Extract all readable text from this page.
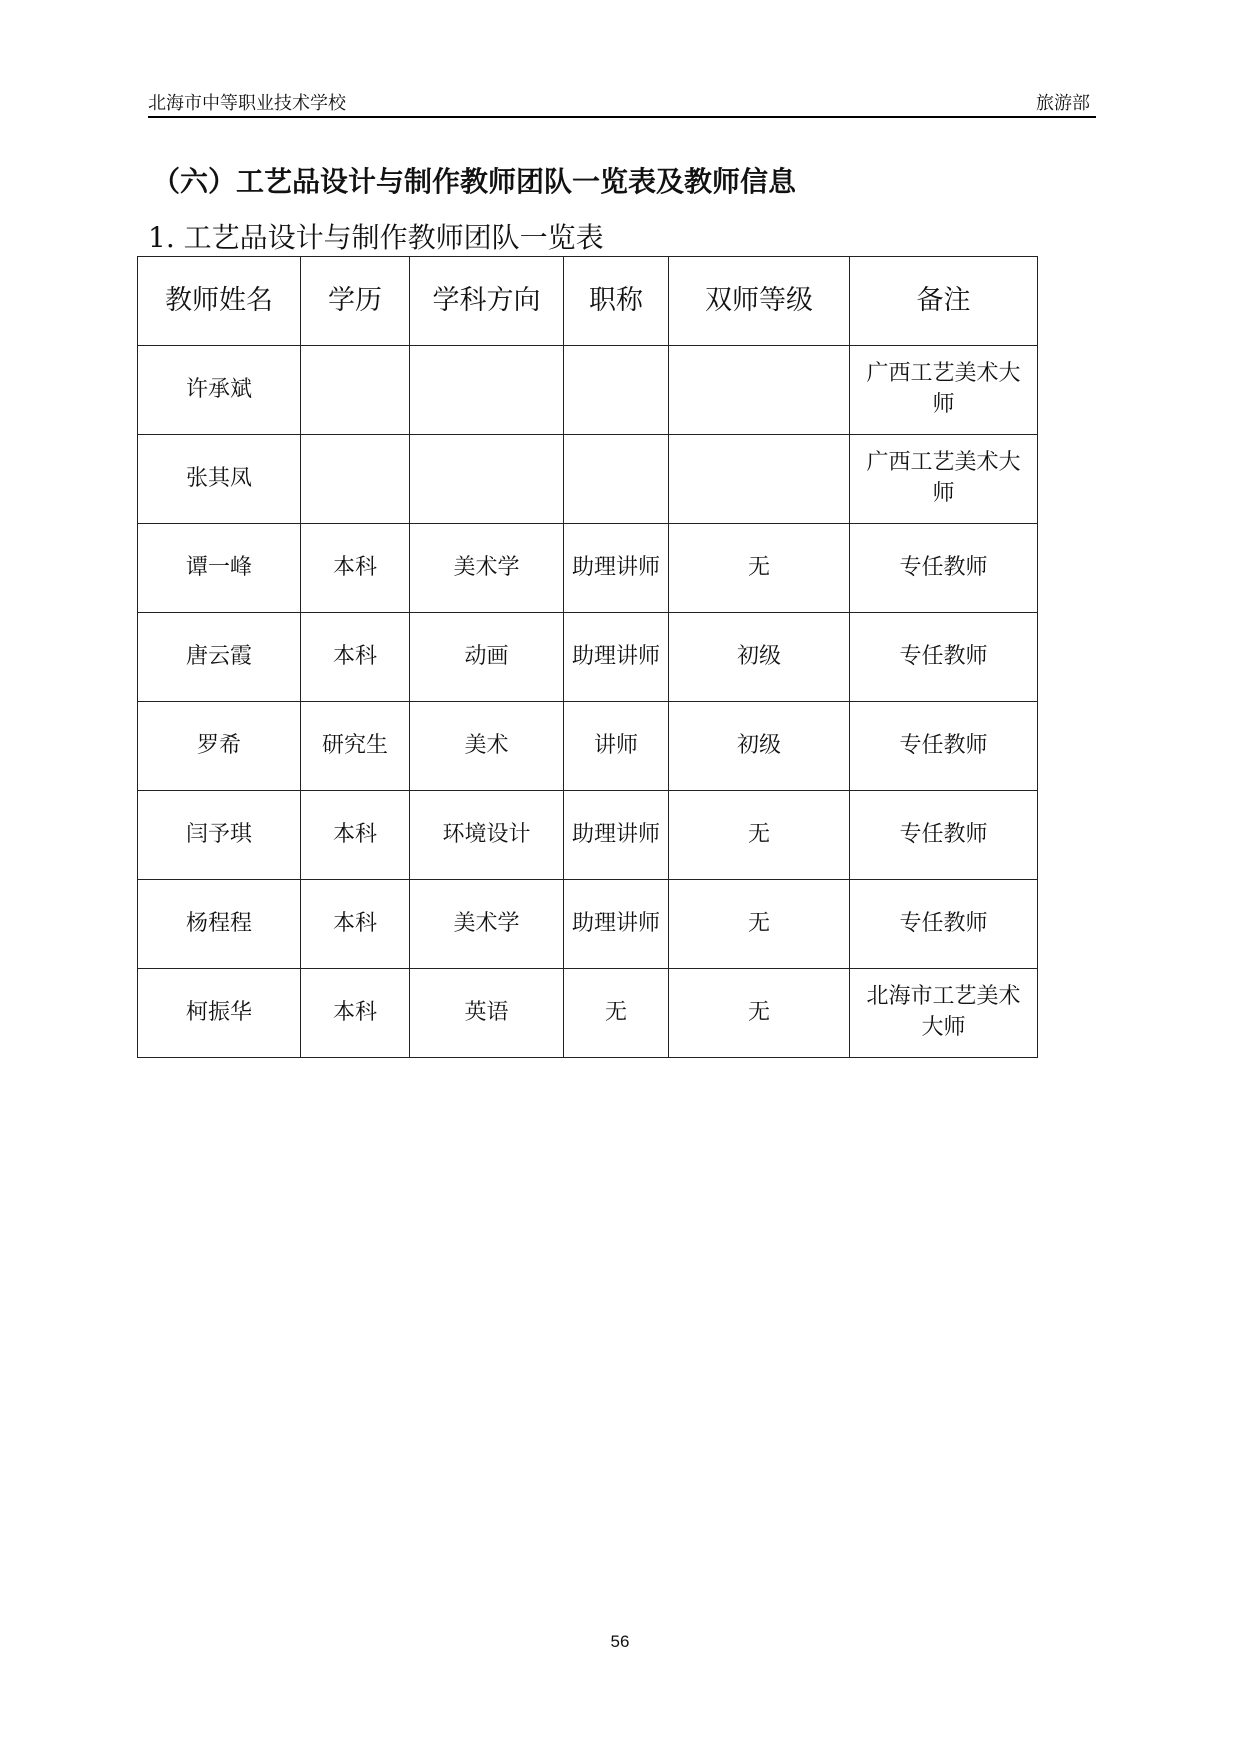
北海市中等职业技术学校	旅游部
（六）工艺品设计与制作教师团队一览表及教师信息
1. 工艺品设计与制作教师团队一览表
教师姓名	学历	学科方向	职称	双师等级	备注
许承斌					广西工艺美术大师
张其凤					广西工艺美术大师
谭一峰	本科	美术学	助理讲师	无	专任教师
唐云霞	本科	动画	助理讲师	初级	专任教师
罗希	研究生	美术	讲师	初级	专任教师
闫予琪	本科	环境设计	助理讲师	无	专任教师
杨程程	本科	美术学	助理讲师	无	专任教师
柯振华	本科	英语	无	无	北海市工艺美术大师
56
